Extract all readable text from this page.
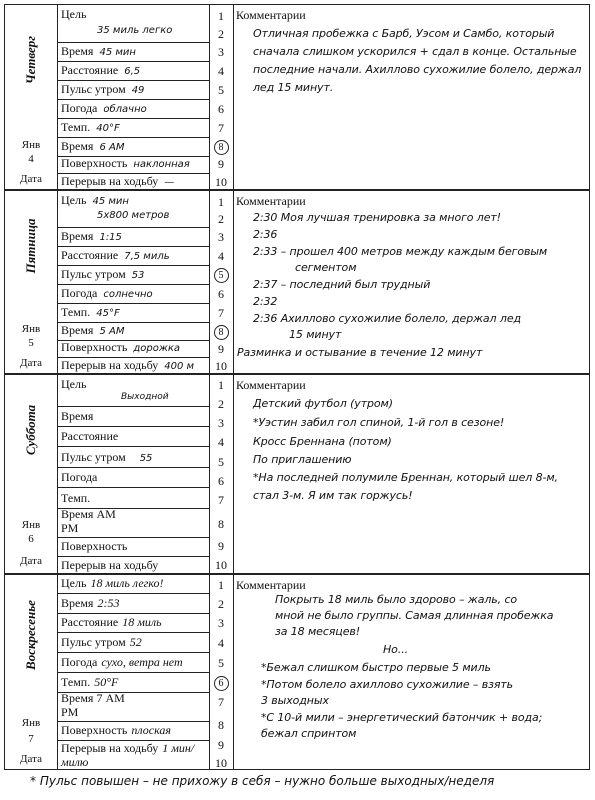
Четверг
Янв
4
Дата
Цель
35 миль легко
Время 45 мин
Расстояние 6,5
Пульс утром 49
Погода облачно
Темп. 40°F
Время 6 AM
Поверхность наклонная
Перерыв на ходьбу —
1
2
3
4
5
6
7
8
9
10
Комментарии
Отличная пробежка с Барб, Уэсом и Самбо, который
сначала слишком ускорился + сдал в конце. Остальные
последние начали. Ахиллово сухожилие болело, держал
лед 15 минут.
Пятница
Янв
5
Дата
Цель 45 мин
5x800 метров
Время 1:15
Расстояние 7,5 миль
Пульс утром 53
Погода солнечно
Темп. 45°F
Время 5 AM
Поверхность дорожка
Перерыв на ходьбу 400 м
1
2
3
4
5
6
7
8
9
10
Комментарии
2:30 Моя лучшая тренировка за много лет!
2:36
2:33 – прошел 400 метров между каждым беговым
сегментом
2:37 – последний был трудный
2:32
2:36 Ахиллово сухожилие болело, держал лед
15 минут
Разминка и остывание в течение 12 минут
Суббота
Янв
6
Дата
Цель
Выходной
Время
Расстояние
Пульс утром 55
Погода
Темп.
Время AM PM
Поверхность
Перерыв на ходьбу
1
2
3
4
5
6
7
8
9
10
Комментарии
Детский футбол (утром)
*Уэстин забил гол спиной, 1-й гол в сезоне!
Кросс Бреннана (потом)
По приглашению
*На последней полумиле Бреннан, который шел 8-м,
стал 3-м. Я им так горжусь!
Воскресенье
Янв
7
Дата
Цель 18 миль легко!
Время 2:53
Расстояние 18 миль
Пульс утром 52
Погода сухо, ветра нет
Темп. 50°F
Время 7 AM PM
Поверхность плоская
Перерыв на ходьбу 1 мин/ милю
1
2
3
4
5
6
7
8
9
10
Комментарии
Покрыть 18 миль было здорово – жаль, со
мной не было группы. Самая длинная пробежка
за 18 месяцев!
Но...
*Бежал слишком быстро первые 5 миль
*Потом болело ахиллово сухожилие – взять
3 выходных
*С 10-й мили – энергетический батончик + вода;
бежал спринтом
* Пульс повышен – не прихожу в себя – нужно больше выходных/неделя
